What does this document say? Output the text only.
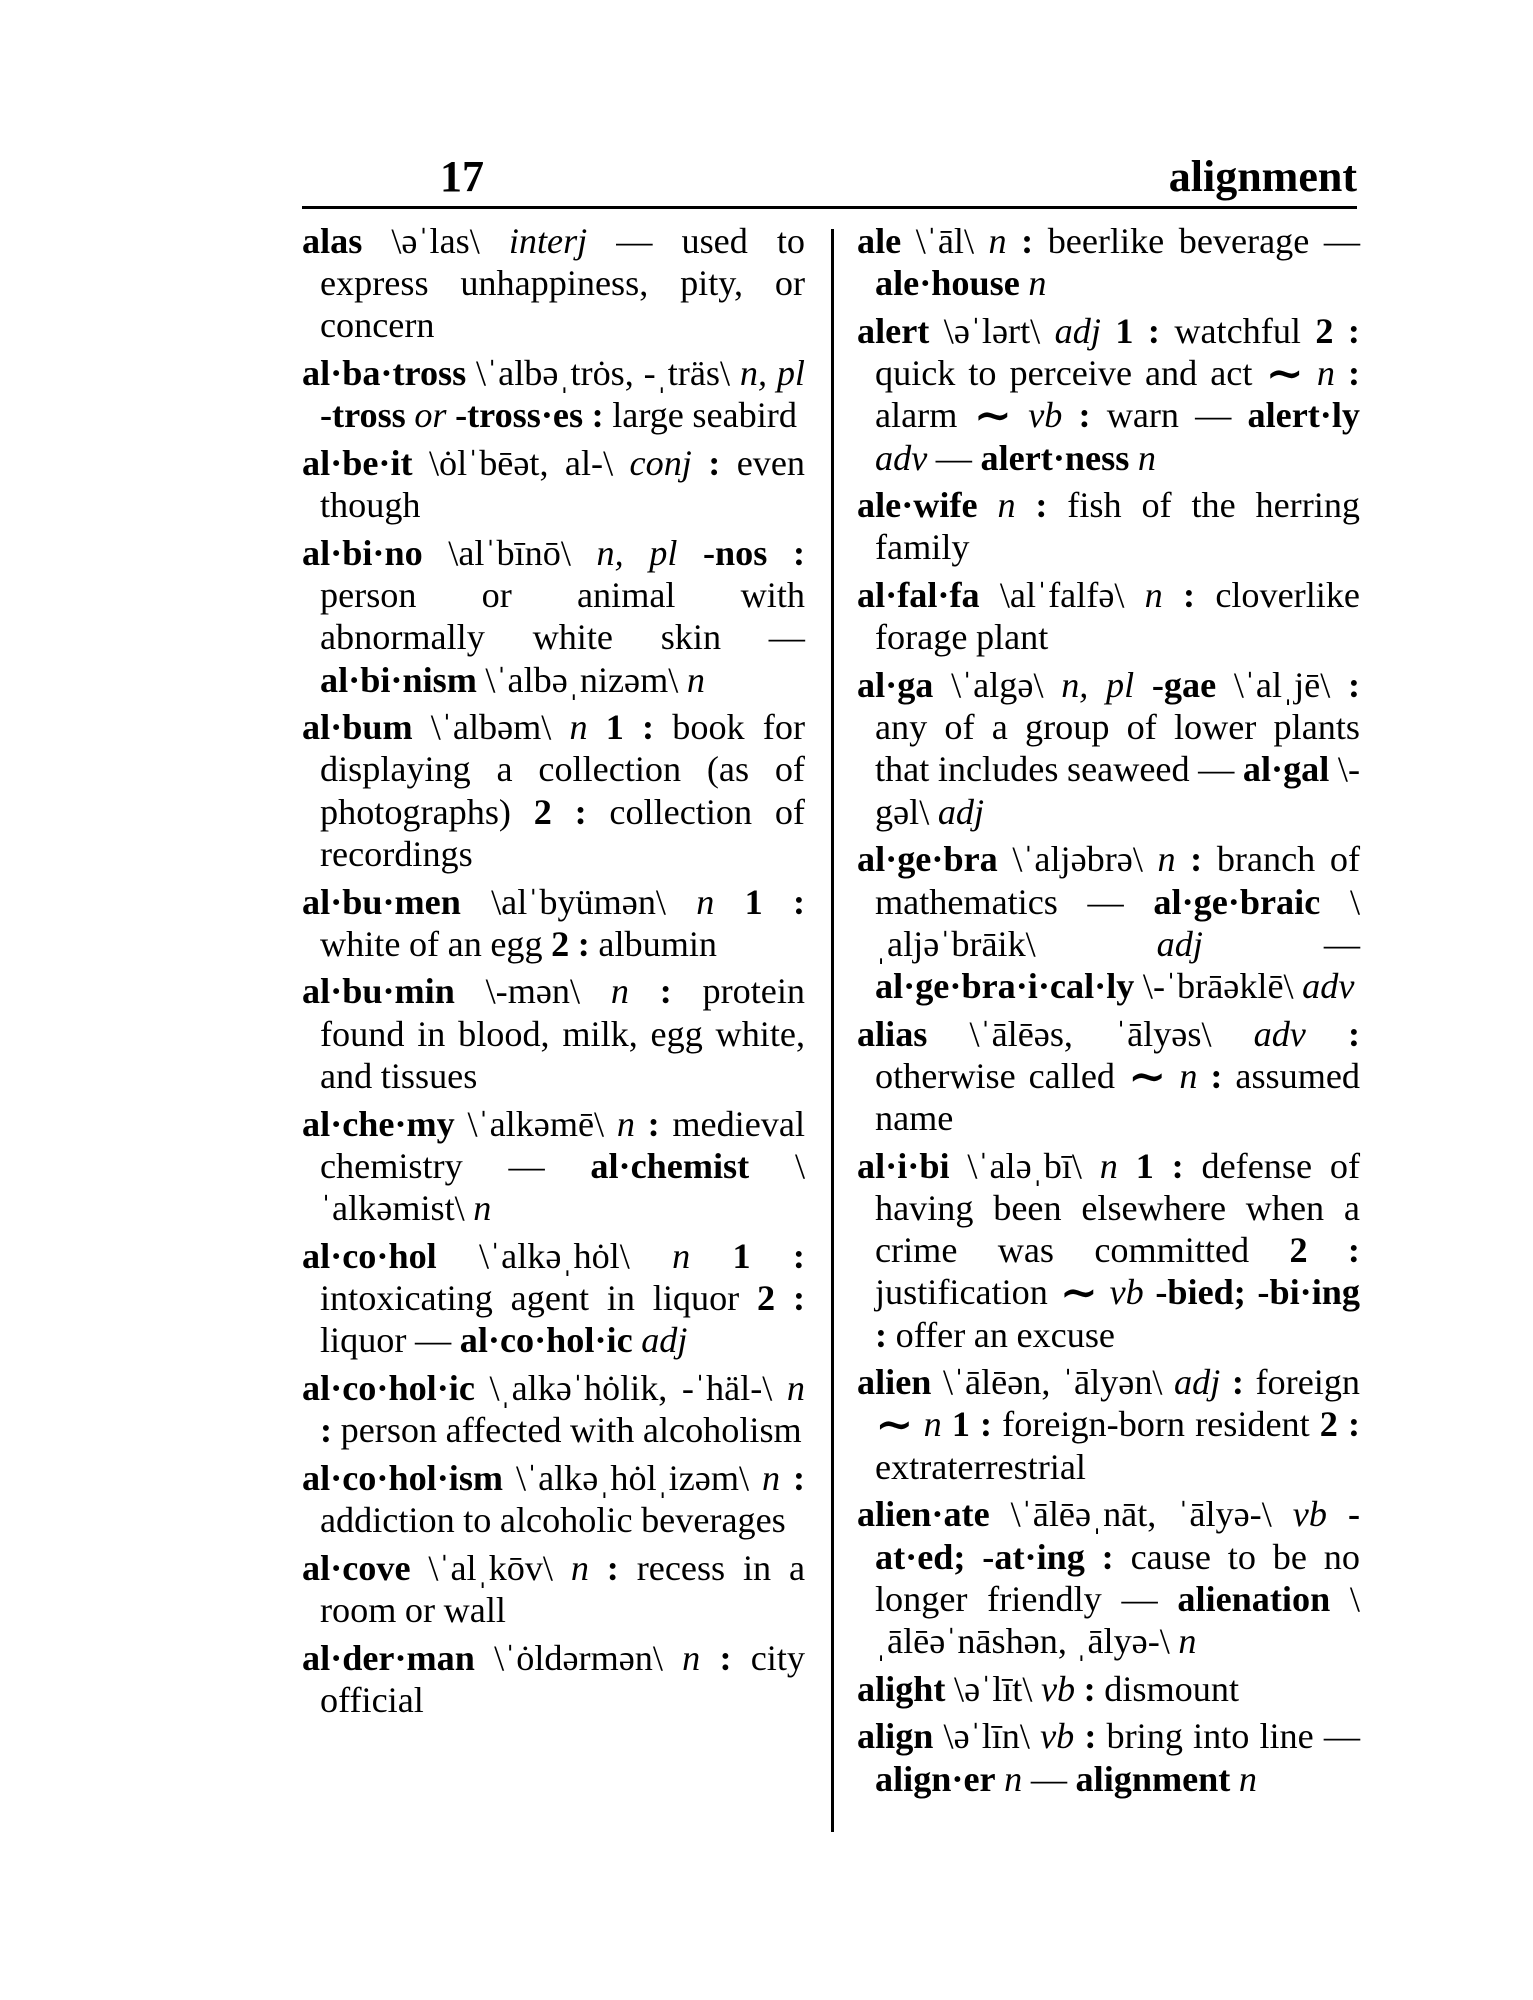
17	alignment
alas \əˈlas\ interj — used to express unhappiness, pity, or concern
al·ba·tross \ˈalbəˌtrȯs, -ˌträs\ n, pl -tross or -tross·es : large seabird
al·be·it \ȯlˈbēət, al-\ conj : even though
al·bi·no \alˈbīnō\ n, pl -nos : person or animal with abnormally white skin — al·bi·nism \ˈalbəˌnizəm\ n
al·bum \ˈalbəm\ n 1 : book for displaying a collection (as of photographs) 2 : collection of recordings
al·bu·men \alˈbyümən\ n 1 : white of an egg 2 : albumin
al·bu·min \-mən\ n : protein found in blood, milk, egg white, and tissues
al·che·my \ˈalkəmē\ n : medieval chemistry — al·chemist \ˈalkəmist\ n
al·co·hol \ˈalkəˌhȯl\ n 1 : intoxicating agent in liquor 2 : liquor — al·co·hol·ic adj
al·co·hol·ic \ˌalkəˈhȯlik, -ˈhäl-\ n : person affected with alcoholism
al·co·hol·ism \ˈalkəˌhȯlˌizəm\ n : addiction to alcoholic beverages
al·cove \ˈalˌkōv\ n : recess in a room or wall
al·der·man \ˈȯldərmən\ n : city official
ale \ˈāl\ n : beerlike beverage — ale·house n
alert \əˈlərt\ adj 1 : watchful 2 : quick to perceive and act ∼ n : alarm ∼ vb : warn — alert·ly adv — alert·ness n
ale·wife n : fish of the herring family
al·fal·fa \alˈfalfə\ n : cloverlike forage plant
al·ga \ˈalgə\ n, pl -gae \ˈalˌjē\ : any of a group of lower plants that includes seaweed — al·gal \-gəl\ adj
al·ge·bra \ˈaljəbrə\ n : branch of mathematics — al·ge·braic \ˌaljəˈbrāik\ adj — al·ge·bra·i·cal·ly \-ˈbrāəklē\ adv
alias \ˈālēəs, ˈālyəs\ adv : otherwise called ∼ n : assumed name
al·i·bi \ˈaləˌbī\ n 1 : defense of having been elsewhere when a crime was committed 2 : justification ∼ vb -bied; -bi·ing : offer an excuse
alien \ˈālēən, ˈālyən\ adj : foreign ∼ n 1 : foreign-born resident 2 : extraterrestrial
alien·ate \ˈālēəˌnāt, ˈālyə-\ vb -at·ed; -at·ing : cause to be no longer friendly — alienation \ˌālēəˈnāshən, ˌālyə-\ n
alight \əˈlīt\ vb : dismount
align \əˈlīn\ vb : bring into line — align·er n — alignment n
